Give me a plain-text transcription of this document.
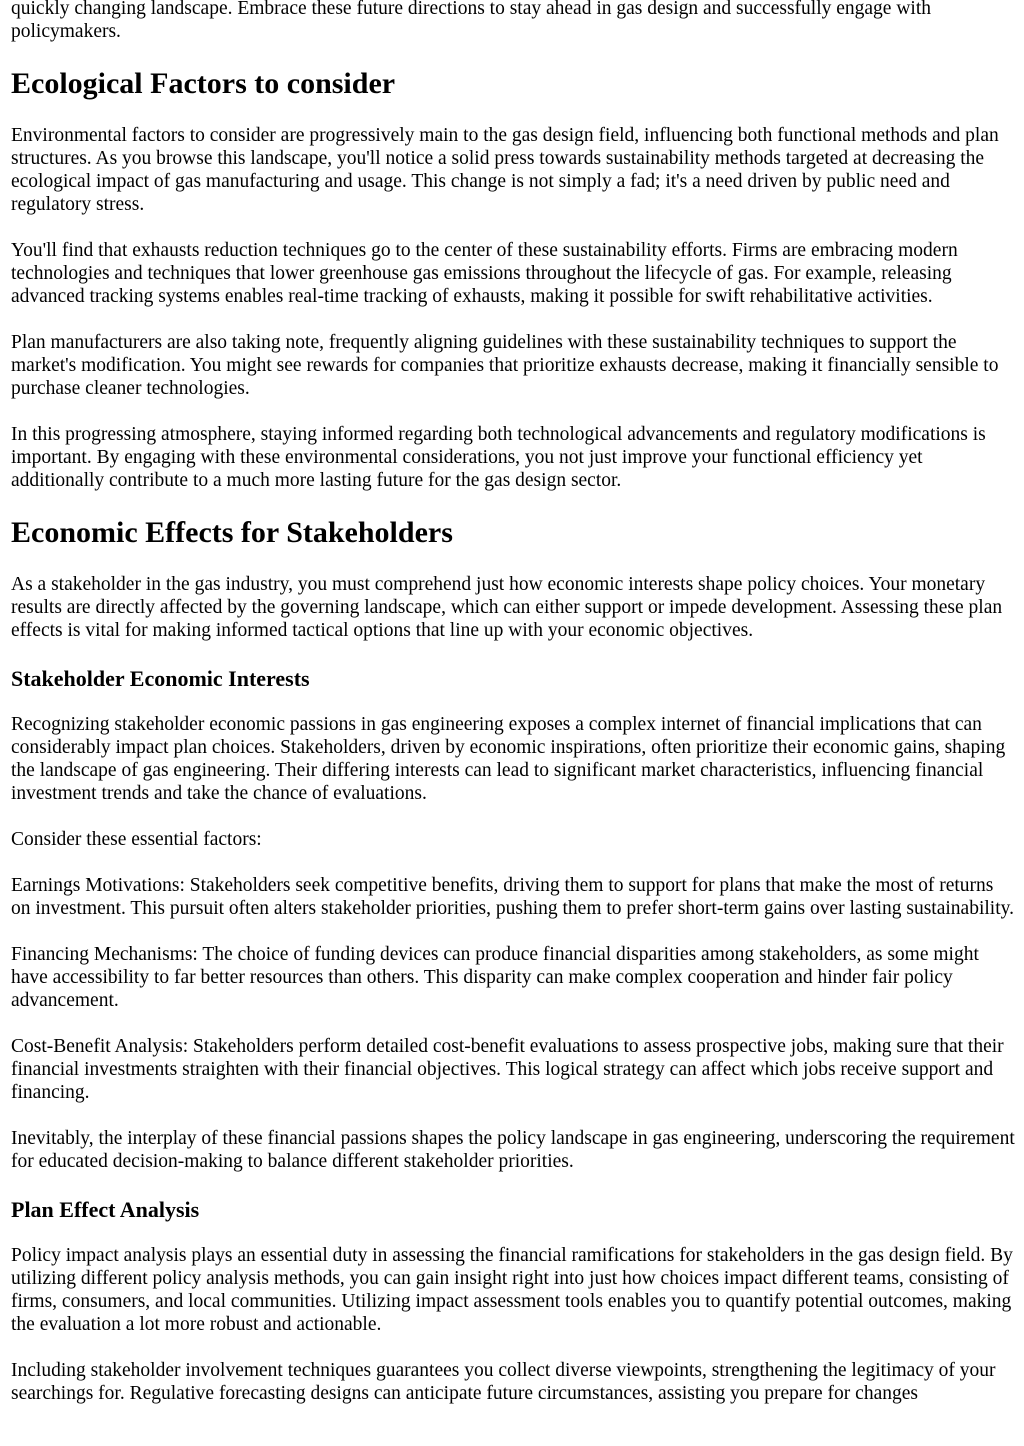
quickly changing landscape. Embrace these future directions to stay ahead in gas design and successfully engage with policymakers.

Ecological Factors to consider

Environmental factors to consider are progressively main to the gas design field, influencing both functional methods and plan structures. As you browse this landscape, you'll notice a solid press towards sustainability methods targeted at decreasing the ecological impact of gas manufacturing and usage. This change is not simply a fad; it's a need driven by public need and regulatory stress.

You'll find that exhausts reduction techniques go to the center of these sustainability efforts. Firms are embracing modern technologies and techniques that lower greenhouse gas emissions throughout the lifecycle of gas. For example, releasing advanced tracking systems enables real-time tracking of exhausts, making it possible for swift rehabilitative activities.

Plan manufacturers are also taking note, frequently aligning guidelines with these sustainability techniques to support the market's modification. You might see rewards for companies that prioritize exhausts decrease, making it financially sensible to purchase cleaner technologies.

In this progressing atmosphere, staying informed regarding both technological advancements and regulatory modifications is important. By engaging with these environmental considerations, you not just improve your functional efficiency yet additionally contribute to a much more lasting future for the gas design sector.

Economic Effects for Stakeholders

As a stakeholder in the gas industry, you must comprehend just how economic interests shape policy choices. Your monetary results are directly affected by the governing landscape, which can either support or impede development. Assessing these plan effects is vital for making informed tactical options that line up with your economic objectives.

Stakeholder Economic Interests

Recognizing stakeholder economic passions in gas engineering exposes a complex internet of financial implications that can considerably impact plan choices. Stakeholders, driven by economic inspirations, often prioritize their economic gains, shaping the landscape of gas engineering. Their differing interests can lead to significant market characteristics, influencing financial investment trends and take the chance of evaluations.

Consider these essential factors:

Earnings Motivations: Stakeholders seek competitive benefits, driving them to support for plans that make the most of returns on investment. This pursuit often alters stakeholder priorities, pushing them to prefer short-term gains over lasting sustainability.

Financing Mechanisms: The choice of funding devices can produce financial disparities among stakeholders, as some might have accessibility to far better resources than others. This disparity can make complex cooperation and hinder fair policy advancement.

Cost-Benefit Analysis: Stakeholders perform detailed cost-benefit evaluations to assess prospective jobs, making sure that their financial investments straighten with their financial objectives. This logical strategy can affect which jobs receive support and financing.

Inevitably, the interplay of these financial passions shapes the policy landscape in gas engineering, underscoring the requirement for educated decision-making to balance different stakeholder priorities.

Plan Effect Analysis

Policy impact analysis plays an essential duty in assessing the financial ramifications for stakeholders in the gas design field. By utilizing different policy analysis methods, you can gain insight right into just how choices impact different teams, consisting of firms, consumers, and local communities. Utilizing impact assessment tools enables you to quantify potential outcomes, making the evaluation a lot more robust and actionable.

Including stakeholder involvement techniques guarantees you collect diverse viewpoints, strengthening the legitimacy of your searchings for. Regulative forecasting designs can anticipate future circumstances, assisting you prepare for changes
